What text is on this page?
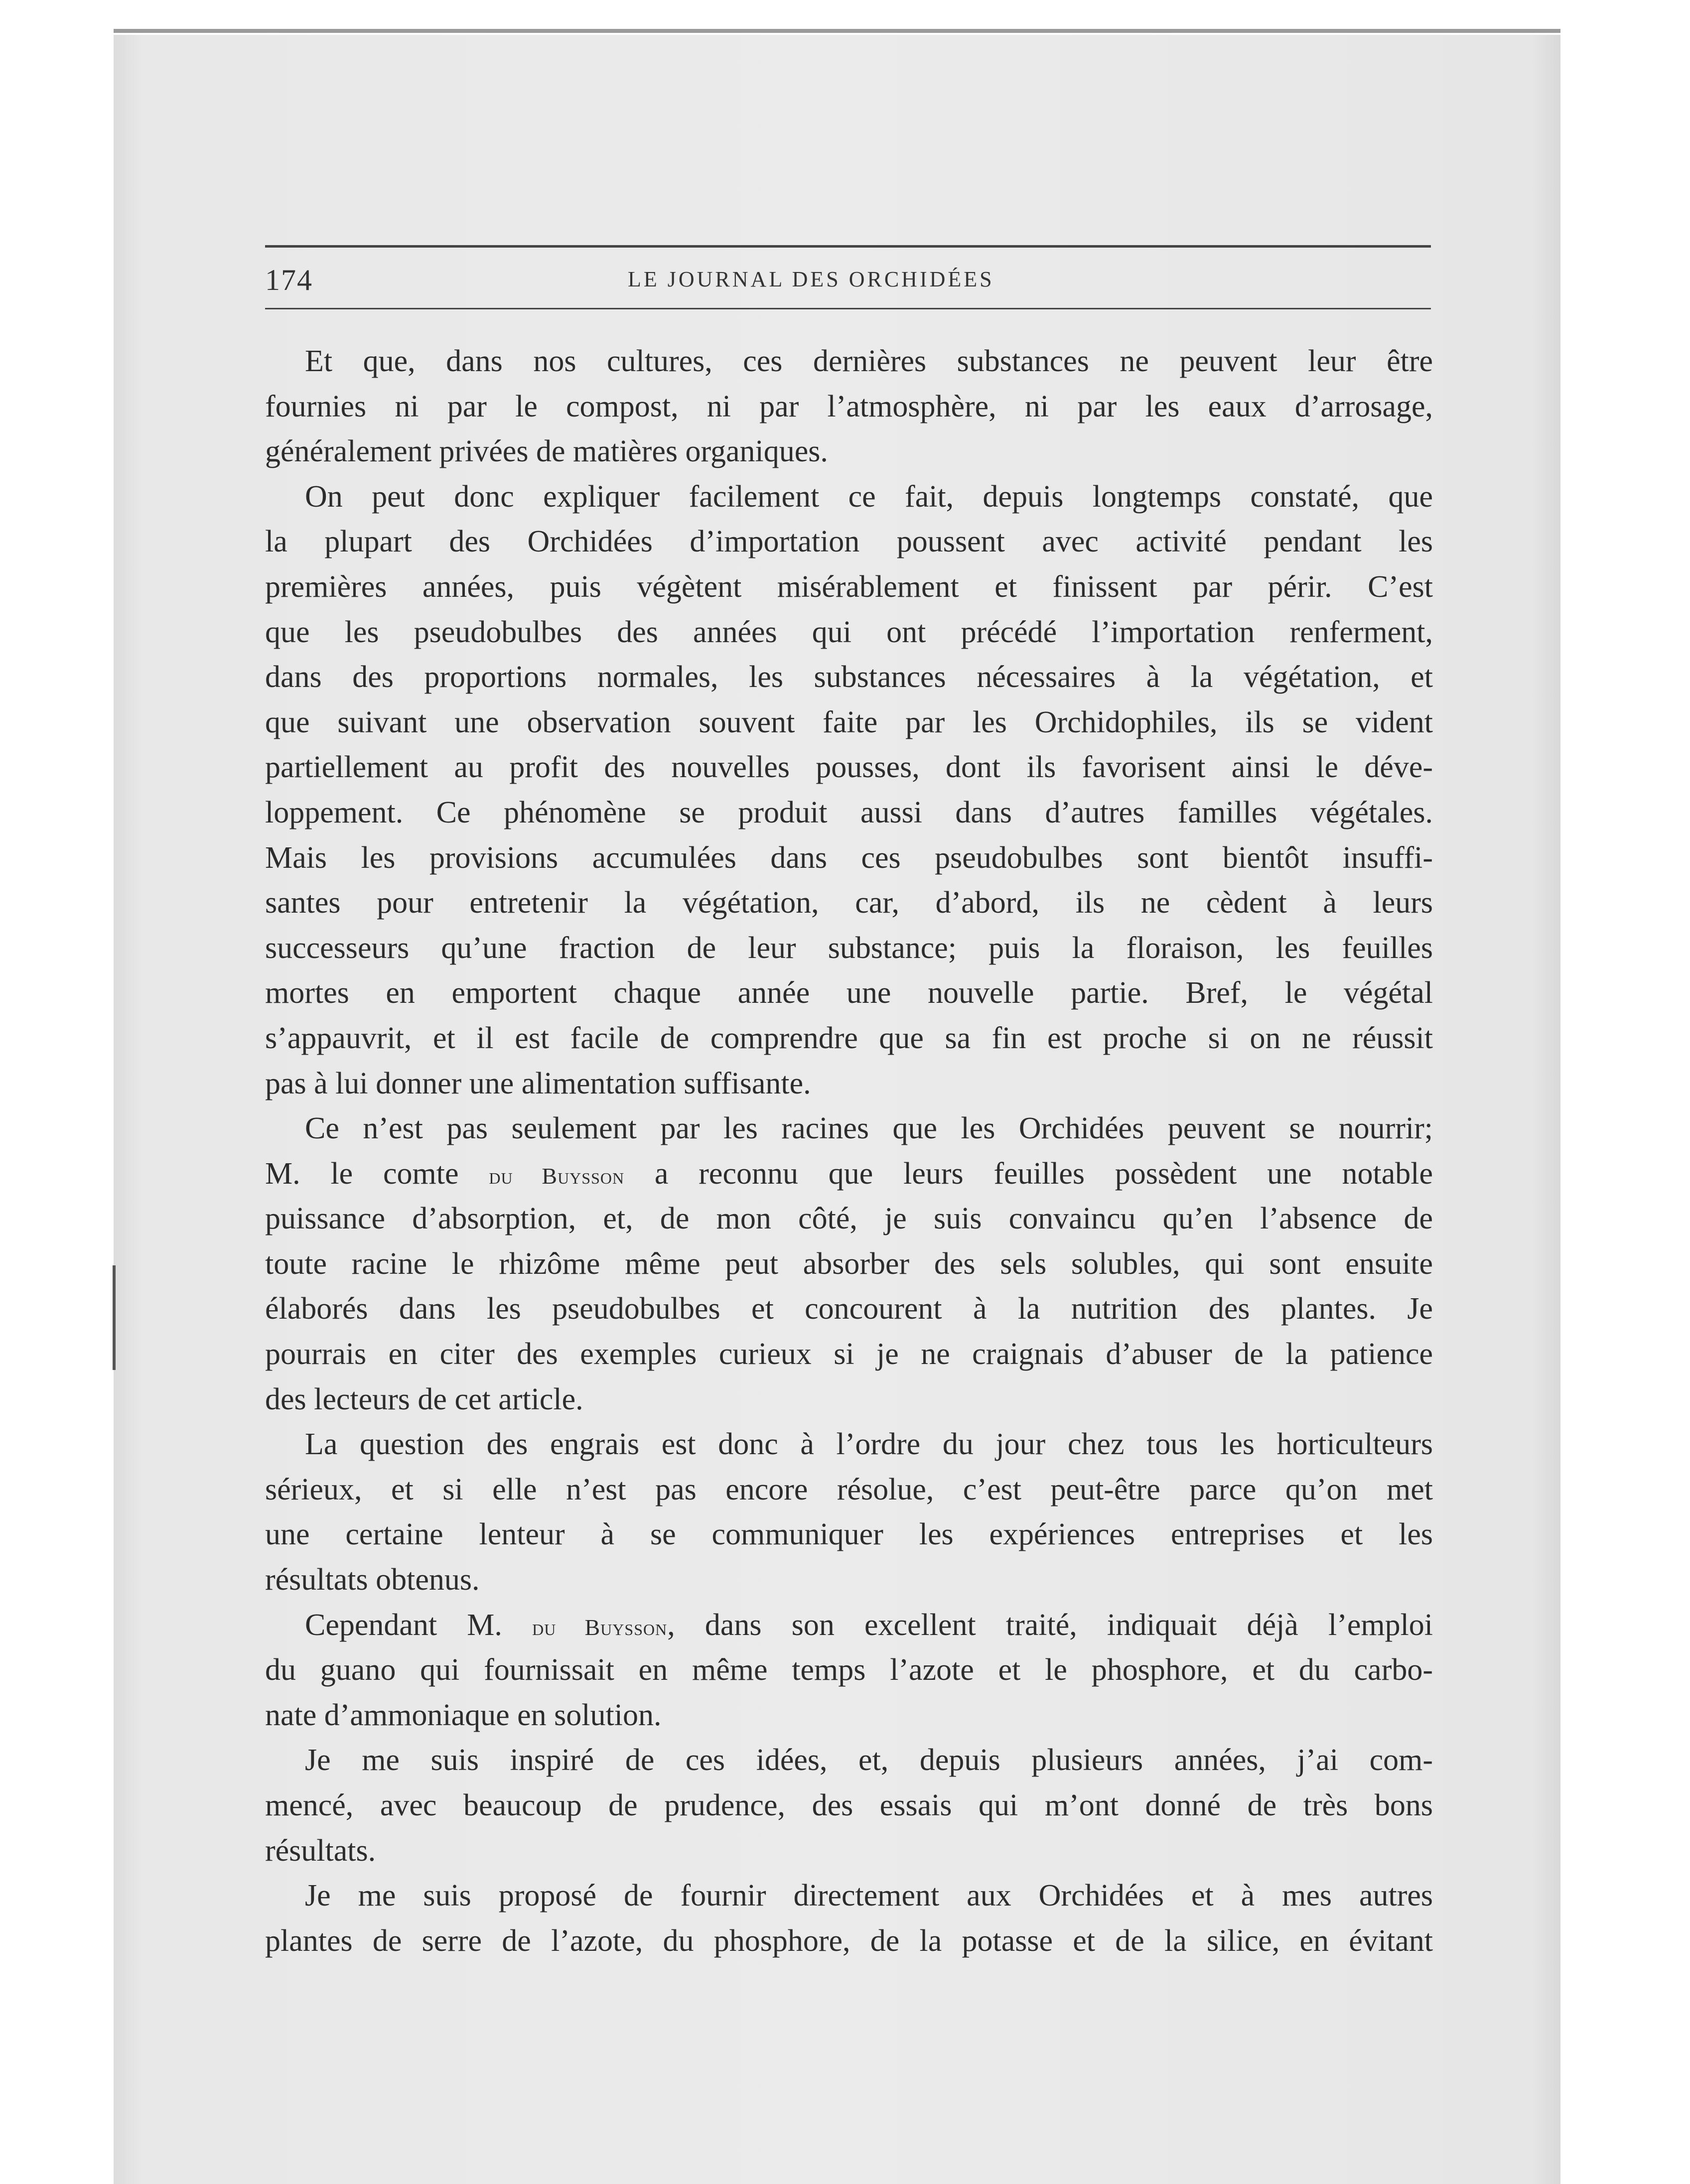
174	LE JOURNAL DES ORCHIDÉES
Et que, dans nos cultures, ces dernières substances ne peuvent leur être
fournies ni par le compost, ni par l’atmosphère, ni par les eaux d’arrosage,
généralement privées de matières organiques.
On peut donc expliquer facilement ce fait, depuis longtemps constaté, que
la plupart des Orchidées d’importation poussent avec activité pendant les
premières années, puis végètent misérablement et finissent par périr. C’est
que les pseudobulbes des années qui ont précédé l’importation renferment,
dans des proportions normales, les substances nécessaires à la végétation, et
que suivant une observation souvent faite par les Orchidophiles, ils se vident
partiellement au profit des nouvelles pousses, dont ils favorisent ainsi le déve-
loppement. Ce phénomène se produit aussi dans d’autres familles végétales.
Mais les provisions accumulées dans ces pseudobulbes sont bientôt insuffi-
santes pour entretenir la végétation, car, d’abord, ils ne cèdent à leurs
successeurs qu’une fraction de leur substance; puis la floraison, les feuilles
mortes en emportent chaque année une nouvelle partie. Bref, le végétal
s’appauvrit, et il est facile de comprendre que sa fin est proche si on ne réussit
pas à lui donner une alimentation suffisante.
Ce n’est pas seulement par les racines que les Orchidées peuvent se nourrir;
M. le comte du Buysson a reconnu que leurs feuilles possèdent une notable
puissance d’absorption, et, de mon côté, je suis convaincu qu’en l’absence de
toute racine le rhizôme même peut absorber des sels solubles, qui sont ensuite
élaborés dans les pseudobulbes et concourent à la nutrition des plantes. Je
pourrais en citer des exemples curieux si je ne craignais d’abuser de la patience
des lecteurs de cet article.
La question des engrais est donc à l’ordre du jour chez tous les horticulteurs
sérieux, et si elle n’est pas encore résolue, c’est peut-être parce qu’on met
une certaine lenteur à se communiquer les expériences entreprises et les
résultats obtenus.
Cependant M. du Buysson, dans son excellent traité, indiquait déjà l’emploi
du guano qui fournissait en même temps l’azote et le phosphore, et du carbo-
nate d’ammoniaque en solution.
Je me suis inspiré de ces idées, et, depuis plusieurs années, j’ai com-
mencé, avec beaucoup de prudence, des essais qui m’ont donné de très bons
résultats.
Je me suis proposé de fournir directement aux Orchidées et à mes autres
plantes de serre de l’azote, du phosphore, de la potasse et de la silice, en évitant
